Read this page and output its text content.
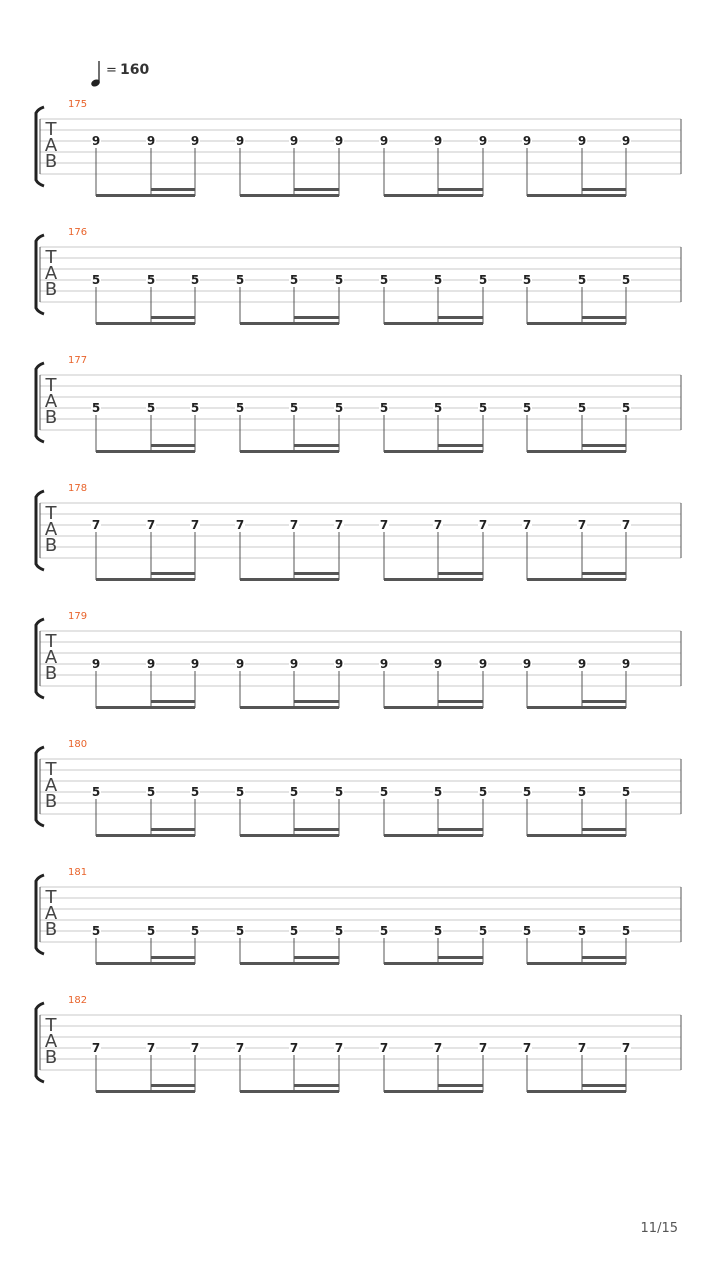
= 160
T
A
B
175
9	9	9	9	9	9	9	9	9	9	9	9
T
A
B
176
5	5	5	5	5	5	5	5	5	5	5	5
T
A
B
177
5	5	5	5	5	5	5	5	5	5	5	5
T
A
B
178
7	7	7	7	7	7	7	7	7	7	7	7
T
A
B
179
9	9	9	9	9	9	9	9	9	9	9	9
T
A
B
180
5	5	5	5	5	5	5	5	5	5	5	5
T
A
B
181
5	5	5	5	5	5	5	5	5	5	5	5
T
A
B
182
7	7	7	7	7	7	7	7	7	7	7	7
11/15
